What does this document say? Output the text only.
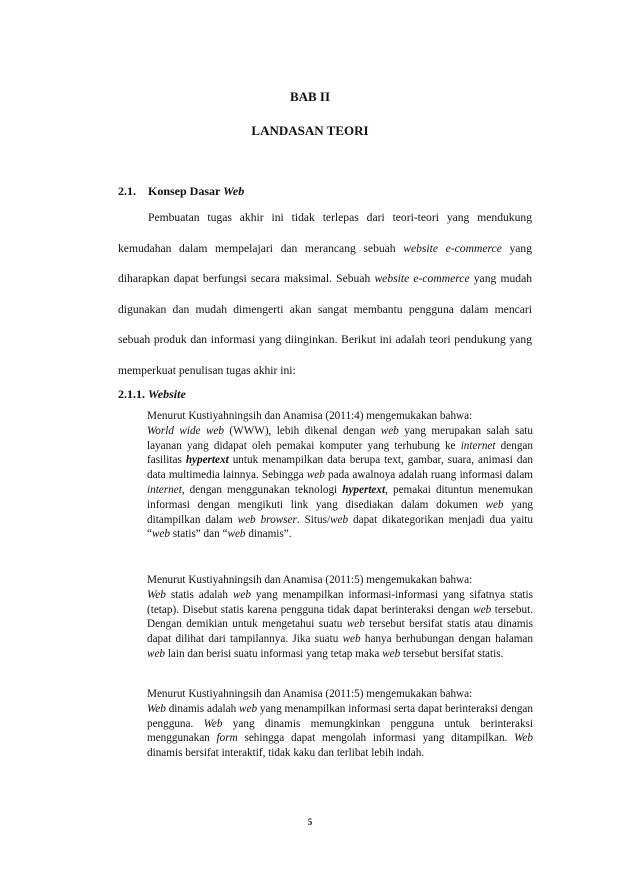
BAB II
LANDASAN TEORI
2.1. Konsep Dasar Web

Pembuatan tugas akhir ini tidak terlepas dari teori-teori yang mendukung kemudahan dalam mempelajari dan merancang sebuah website e-commerce yang diharapkan dapat berfungsi secara maksimal. Sebuah website e-commerce yang mudah digunakan dan mudah dimengerti akan sangat membantu pengguna dalam mencari sebuah produk dan informasi yang diinginkan. Berikut ini adalah teori pendukung yang memperkuat penulisan tugas akhir ini:

2.1.1. Website

Menurut Kustiyahningsih dan Anamisa (2011:4) mengemukakan bahwa:

World wide web (WWW), lebih dikenal dengan web yang merupakan salah satu layanan yang didapat oleh pemakai komputer yang terhubung ke internet dengan fasilitas hypertext untuk menampilkan data berupa text, gambar, suara, animasi dan data multimedia lainnya. Sebingga web pada awalnoya adalah ruang informasi dalam internet, dengan menggunakan teknologi hypertext, pemakai dituntun menemukan informasi dengan mengikuti link yang disediakan dalam dokumen web yang ditampilkan dalam web browser. Situs/web dapat dikategorikan menjadi dua yaitu “web statis” dan “web dinamis”.

Menurut Kustiyahningsih dan Anamisa (2011:5) mengemukakan bahwa:

Web statis adalah web yang menampilkan informasi-informasi yang sifatnya statis (tetap). Disebut statis karena pengguna tidak dapat berinteraksi dengan web tersebut. Dengan demikian untuk mengetahui suatu web tersebut bersifat statis atau dinamis dapat dilihat dari tampilannya. Jika suatu web hanya berhubungan dengan halaman web lain dan berisi suatu informasi yang tetap maka web tersebut bersifat statis.

Menurut Kustiyahningsih dan Anamisa (2011:5) mengemukakan bahwa:

Web dinamis adalah web yang menampilkan informasi serta dapat berinteraksi dengan pengguna. Web yang dinamis memungkinkan pengguna untuk berinteraksi menggunakan form sehingga dapat mengolah informasi yang ditampilkan. Web dinamis bersifat interaktif, tidak kaku dan terlibat lebih indah.

5
